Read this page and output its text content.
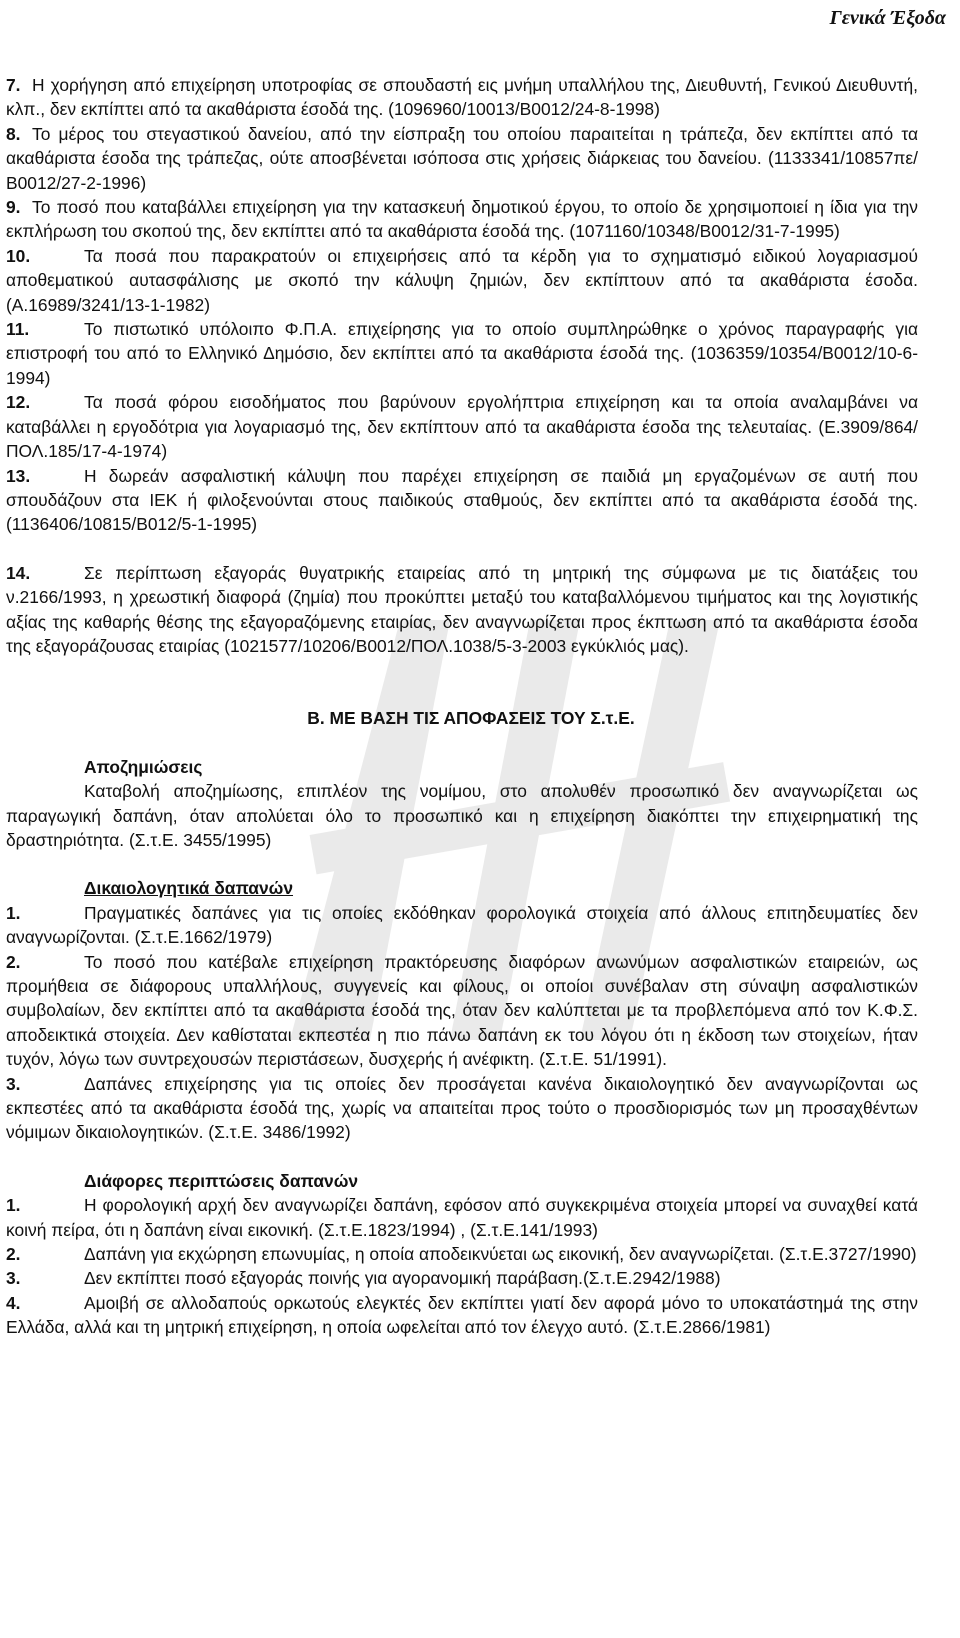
Γενικά Έξοδα

7. Η χορήγηση από επιχείρηση υποτροφίας σε σπουδαστή εις μνήμη υπαλλήλου της, Διευθυντή, Γενικού Διευθυντή, κλπ., δεν εκπίπτει από τα ακαθάριστα έσοδά της. (1096960/10013/Β0012/24-8-1998)

8. Το μέρος του στεγαστικού δανείου, από την είσπραξη του οποίου παραιτείται η τράπεζα, δεν εκπίπτει από τα ακαθάριστα έσοδα της τράπεζας, ούτε αποσβένεται ισόποσα στις χρήσεις διάρκειας του δανείου. (1133341/10857πε/Β0012/27-2-1996)

9. Το ποσό που καταβάλλει επιχείρηση για την κατασκευή δημοτικού έργου, το οποίο δε χρησιμοποιεί η ίδια για την εκπλήρωση του σκοπού της, δεν εκπίπτει από τα ακαθάριστα έσοδά της. (1071160/10348/Β0012/31-7-1995)

10.	Τα ποσά που παρακρατούν οι επιχειρήσεις από τα κέρδη για το σχηματισμό ειδικού λογαριασμού αποθεματικού αυτασφάλισης με σκοπό την κάλυψη ζημιών, δεν εκπίπτουν από τα ακαθάριστα έσοδα. (Α.16989/3241/13-1-1982)

11.	Το πιστωτικό υπόλοιπο Φ.Π.Α. επιχείρησης για το οποίο συμπληρώθηκε ο χρόνος παραγραφής για επιστροφή του από το Ελληνικό Δημόσιο, δεν εκπίπτει από τα ακαθάριστα έσοδά της. (1036359/10354/Β0012/10-6-1994)

12.	Τα ποσά φόρου εισοδήματος που βαρύνουν εργολήπτρια επιχείρηση και τα οποία αναλαμβάνει να καταβάλλει η εργοδότρια για λογαριασμό της, δεν εκπίπτουν από τα ακαθάριστα έσοδα της τελευταίας. (Ε.3909/864/ΠΟΛ.185/17-4-1974)

13.	Η δωρεάν ασφαλιστική κάλυψη που παρέχει επιχείρηση σε παιδιά μη εργαζομένων σε αυτή που σπουδάζουν στα ΙΕΚ ή φιλοξενούνται στους παιδικούς σταθμούς, δεν εκπίπτει από τα ακαθάριστα έσοδά της. (1136406/10815/Β012/5-1-1995)

14.	Σε περίπτωση εξαγοράς θυγατρικής εταιρείας από τη μητρική της σύμφωνα με τις διατάξεις του ν.2166/1993, η χρεωστική διαφορά (ζημία) που προκύπτει μεταξύ του καταβαλλόμενου τιμήματος και της λογιστικής αξίας της καθαρής θέσης της εξαγοραζόμενης εταιρίας, δεν αναγνωρίζεται προς έκπτωση από τα ακαθάριστα έσοδα της εξαγοράζουσας εταιρίας (1021577/10206/Β0012/ΠΟΛ.1038/5-3-2003 εγκύκλιός μας).

Β. ΜΕ ΒΑΣΗ ΤΙΣ ΑΠΟΦΑΣΕΙΣ ΤΟΥ Σ.τ.Ε.

Αποζημιώσεις

Καταβολή αποζημίωσης, επιπλέον της νομίμου, στο απολυθέν προσωπικό δεν αναγνωρίζεται ως παραγωγική δαπάνη, όταν απολύεται όλο το προσωπικό και η επιχείρηση διακόπτει την επιχειρηματική της δραστηριότητα. (Σ.τ.Ε. 3455/1995)

Δικαιολογητικά δαπανών

1.	Πραγματικές δαπάνες για τις οποίες εκδόθηκαν φορολογικά στοιχεία από άλλους επιτηδευματίες δεν αναγνωρίζονται. (Σ.τ.Ε.1662/1979)

2.	Το ποσό που κατέβαλε επιχείρηση πρακτόρευσης διαφόρων ανωνύμων ασφαλιστικών εταιρειών, ως προμήθεια σε διάφορους υπαλλήλους, συγγενείς και φίλους, οι οποίοι συνέβαλαν στη σύναψη ασφαλιστικών συμβολαίων, δεν εκπίπτει από τα ακαθάριστα έσοδά της, όταν δεν καλύπτεται με τα προβλεπόμενα από τον Κ.Φ.Σ. αποδεικτικά στοιχεία. Δεν καθίσταται εκπεστέα η πιο πάνω δαπάνη εκ του λόγου ότι η έκδοση των στοιχείων, ήταν τυχόν, λόγω των συντρεχουσών περιστάσεων, δυσχερής ή ανέφικτη. (Σ.τ.Ε. 51/1991).

3.	Δαπάνες επιχείρησης για τις οποίες δεν προσάγεται κανένα δικαιολογητικό δεν αναγνωρίζονται ως εκπεστέες από τα ακαθάριστα έσοδά της, χωρίς να απαιτείται προς τούτο ο προσδιορισμός των μη προσαχθέντων νόμιμων δικαιολογητικών. (Σ.τ.Ε. 3486/1992)

Διάφορες περιπτώσεις δαπανών

1.	Η φορολογική αρχή δεν αναγνωρίζει δαπάνη, εφόσον από συγκεκριμένα στοιχεία μπορεί να συναχθεί κατά κοινή πείρα, ότι η δαπάνη είναι εικονική. (Σ.τ.Ε.1823/1994) , (Σ.τ.Ε.141/1993)

2.	Δαπάνη για εκχώρηση επωνυμίας, η οποία αποδεικνύεται ως εικονική, δεν αναγνωρίζεται. (Σ.τ.Ε.3727/1990)

3.	Δεν εκπίπτει ποσό εξαγοράς ποινής για αγορανομική παράβαση.(Σ.τ.Ε.2942/1988)

4.	Αμοιβή σε αλλοδαπούς ορκωτούς ελεγκτές δεν εκπίπτει γιατί δεν αφορά μόνο το υποκατάστημά της στην Ελλάδα, αλλά και τη μητρική επιχείρηση, η οποία ωφελείται από τον έλεγχο αυτό. (Σ.τ.Ε.2866/1981)
